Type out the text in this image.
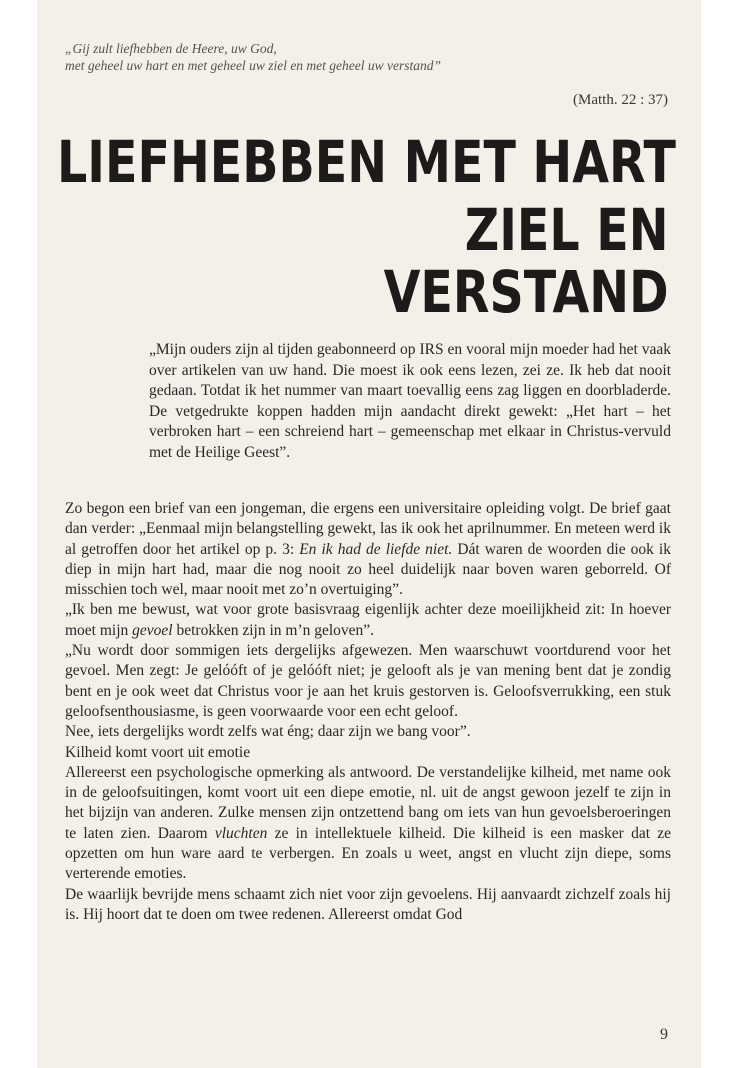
„Gij zult liefhebben de Heere, uw God,
met geheel uw hart en met geheel uw ziel en met geheel uw verstand”
(Matth. 22 : 37)
LIEFHEBBEN MET HART
ZIEL EN
VERSTAND
„Mijn ouders zijn al tijden geabonneerd op IRS en vooral mijn moeder had het vaak over artikelen van uw hand. Die moest ik ook eens lezen, zei ze. Ik heb dat nooit gedaan. Totdat ik het nummer van maart toevallig eens zag liggen en doorbladerde. De vetgedrukte koppen hadden mijn aandacht direkt gewekt: „Het hart – het verbroken hart – een schreiend hart – gemeenschap met elkaar in Christus-vervuld met de Heilige Geest”.

Zo begon een brief van een jongeman, die ergens een universitaire opleiding volgt. De brief gaat dan verder: „Eenmaal mijn belangstelling gewekt, las ik ook het aprilnummer. En meteen werd ik al getroffen door het artikel op p. 3: En ik had de liefde niet. Dát waren de woorden die ook ik diep in mijn hart had, maar die nog nooit zo heel duidelijk naar boven waren geborreld. Of misschien toch wel, maar nooit met zo’n overtuiging”.

„Ik ben me bewust, wat voor grote basisvraag eigenlijk achter deze moeilijkheid zit: In hoever moet mijn gevoel betrokken zijn in m’n geloven”.

„Nu wordt door sommigen iets dergelijks afgewezen. Men waarschuwt voortdurend voor het gevoel. Men zegt: Je gelóóft of je gelóóft niet; je gelooft als je van mening bent dat je zondig bent en je ook weet dat Christus voor je aan het kruis gestorven is. Geloofsverrukking, een stuk geloofsenthousiasme, is geen voorwaarde voor een echt geloof.

Nee, iets dergelijks wordt zelfs wat éng; daar zijn we bang voor”.

Kilheid komt voort uit emotie

Allereerst een psychologische opmerking als antwoord. De verstandelijke kilheid, met name ook in de geloofsuitingen, komt voort uit een diepe emotie, nl. uit de angst gewoon jezelf te zijn in het bijzijn van anderen. Zulke mensen zijn ontzettend bang om iets van hun gevoelsberoeringen te laten zien. Daarom vluchten ze in intellektuele kilheid. Die kilheid is een masker dat ze opzetten om hun ware aard te verbergen. En zoals u weet, angst en vlucht zijn diepe, soms verterende emoties.

De waarlijk bevrijde mens schaamt zich niet voor zijn gevoelens. Hij aanvaardt zichzelf zoals hij is. Hij hoort dat te doen om twee redenen. Allereerst omdat God

9
